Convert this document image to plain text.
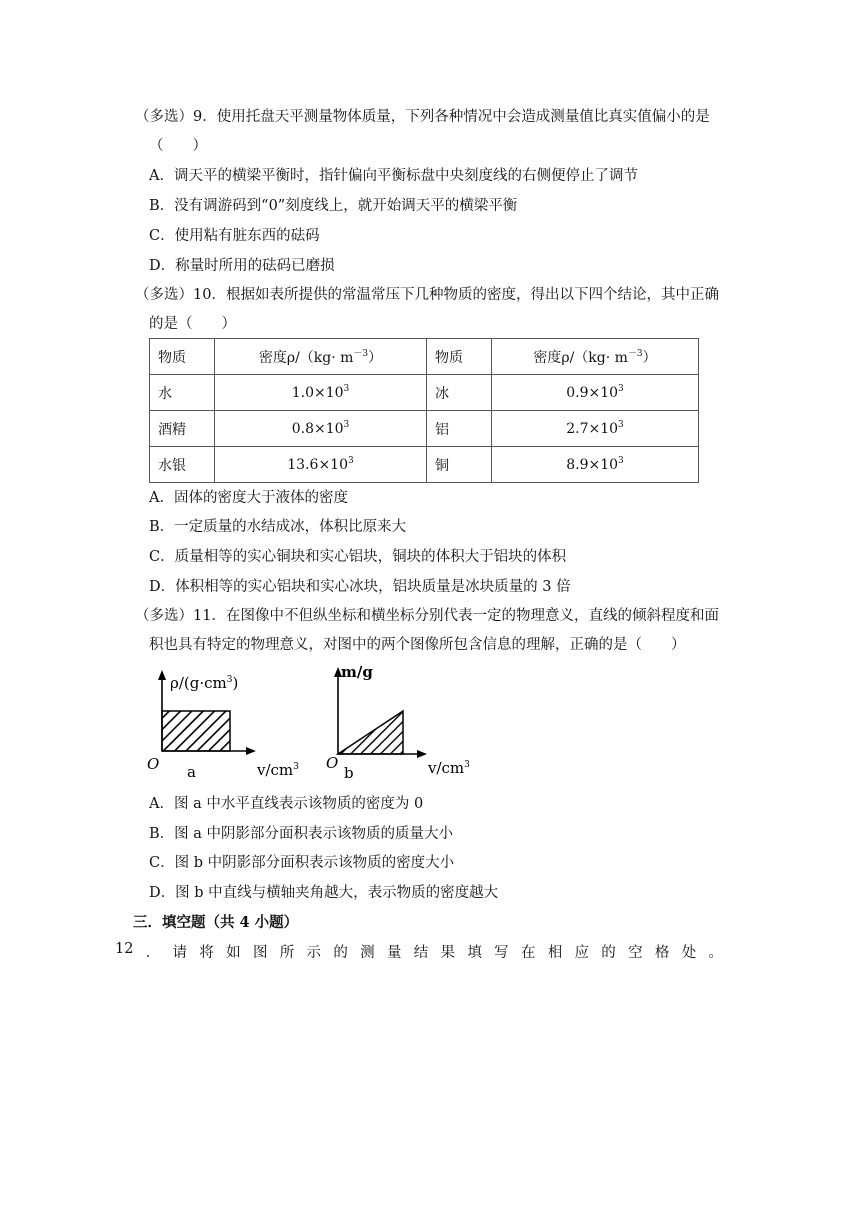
（多选）9．使用托盘天平测量物体质量，下列各种情况中会造成测量值比真实值偏小的是
（　　）
A．调天平的横梁平衡时，指针偏向平衡标盘中央刻度线的右侧便停止了调节
B．没有调游码到“0”刻度线上，就开始调天平的横梁平衡
C．使用粘有脏东西的砝码
D．称量时所用的砝码已磨损
（多选）10．根据如表所提供的常温常压下几种物质的密度，得出以下四个结论，其中正确
的是（　　）
物质	密度$\rho/(kg\cdot m^{-3})$	物质	密度$\rho/(kg\cdot m^{-3})$
水	$1.0\times 10^3$	冰	$0.9\times 10^3$
酒精	$0.8\times 10^3$	铝	$2.7\times 10^3$
水银	$13.6\times 10^3$	铜	$8.9\times 10^3$
A．固体的密度大于液体的密度
B．一定质量的水结成冰，体积比原来大
C．质量相等的实心铜块和实心铝块，铜块的体积大于铝块的体积
D．体积相等的实心铝块和实心冰块，铝块质量是冰块质量的 3 倍
（多选）11．在图像中不但纵坐标和横坐标分别代表一定的物理意义，直线的倾斜程度和面
积也具有特定的物理意义，对图中的两个图像所包含信息的理解，正确的是（　　）
$\rho/(g\cdot cm^3)$
O a	$v/cm^3$
m/g
O
b	$v/cm^3$
A．图 a 中水平直线表示该物质的密度为 0
B．图 a 中阴影部分面积表示该物质的质量大小
C．图 b 中阴影部分面积表示该物质的密度大小
D．图 b 中直线与横轴夹角越大，表示物质的密度越大
三．填空题（共 4 小题）
12 ． 请 将 如 图 所 示 的 测 量 结 果 填 写 在 相 应 的 空 格 处 。
